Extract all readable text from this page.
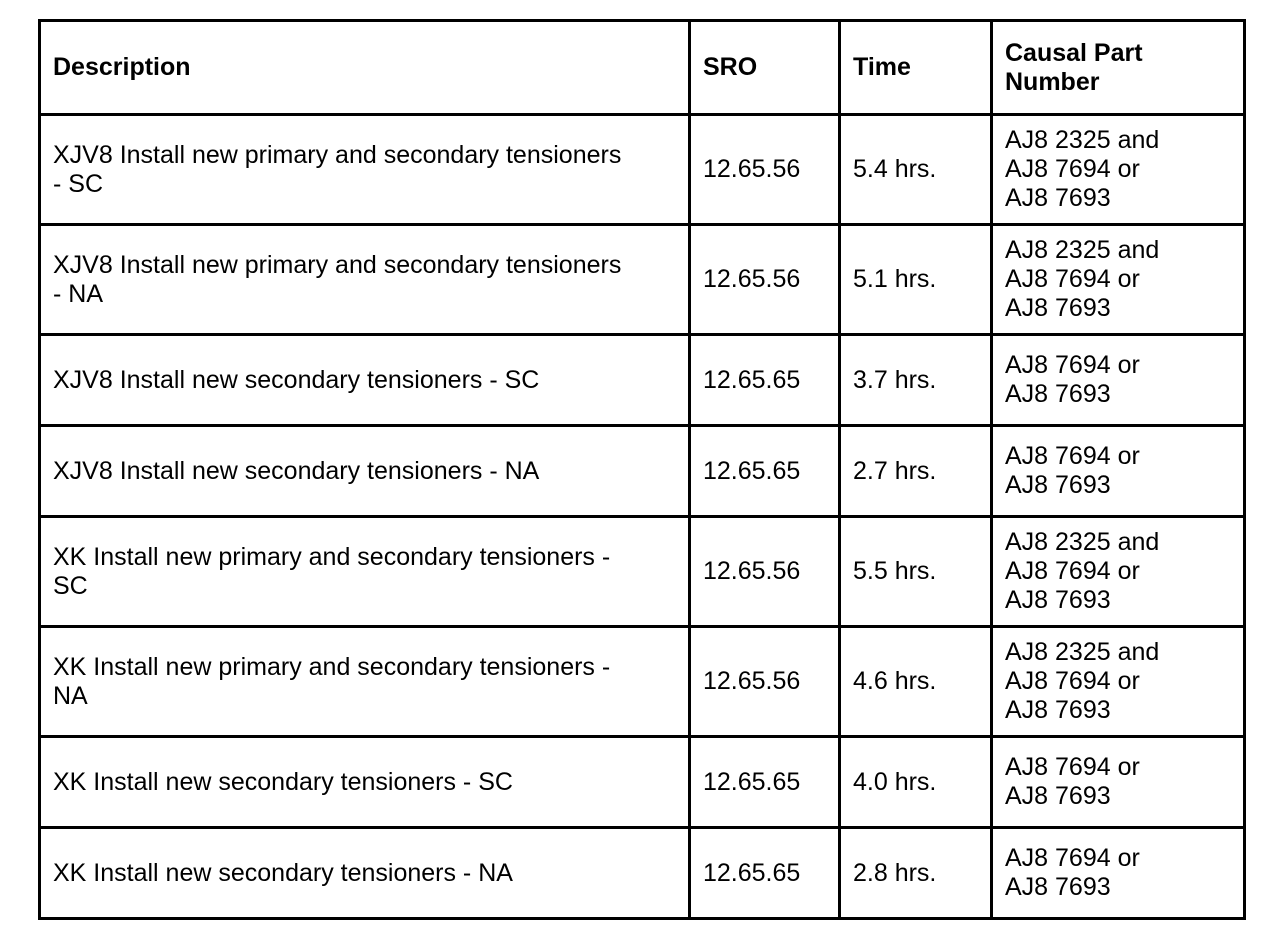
Description	SRO	Time	Causal Part
Number
XJV8 Install new primary and secondary tensioners
- SC	12.65.56	5.4 hrs.	AJ8 2325 and
AJ8 7694 or
AJ8 7693
XJV8 Install new primary and secondary tensioners
- NA	12.65.56	5.1 hrs.	AJ8 2325 and
AJ8 7694 or
AJ8 7693
XJV8 Install new secondary tensioners - SC	12.65.65	3.7 hrs.	AJ8 7694 or
AJ8 7693
XJV8 Install new secondary tensioners - NA	12.65.65	2.7 hrs.	AJ8 7694 or
AJ8 7693
XK Install new primary and secondary tensioners -
SC	12.65.56	5.5 hrs.	AJ8 2325 and
AJ8 7694 or
AJ8 7693
XK Install new primary and secondary tensioners -
NA	12.65.56	4.6 hrs.	AJ8 2325 and
AJ8 7694 or
AJ8 7693
XK Install new secondary tensioners - SC	12.65.65	4.0 hrs.	AJ8 7694 or
AJ8 7693
XK Install new secondary tensioners - NA	12.65.65	2.8 hrs.	AJ8 7694 or
AJ8 7693
